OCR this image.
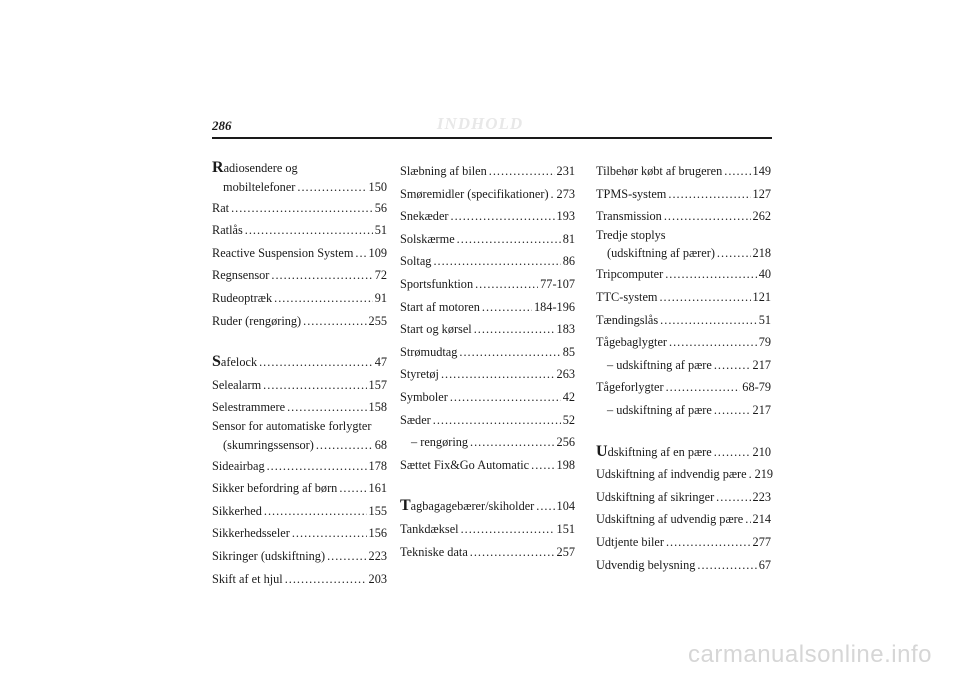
286	INDHOLD
Radiosendere og
mobiltelefoner .....	150
Rat .....	56
Ratlås .....	51
Reactive Suspension System ..... 109
Regnsensor .....	72
Rudeoptræk .....	91
Ruder (rengøring) .....	255
Safelock .....	47
Selealarm .....	157
Selestrammere .....	158
Sensor for automatiske forlygter
(skumringssensor) .....	68
Sideairbag .....	178
Sikker befordring af børn .....	161
Sikkerhed .....	155
Sikkerhedsseler .....	156
Sikringer (udskiftning) .....	223
Skift af et hjul .....	203
Slæbning af bilen .....	231
Smøremidler (specifikationer) ..... 273
Snekæder .....	193
Solskærme .....	81
Soltag .....	86
Sportsfunktion .....	77-107
Start af motoren .....	184-196
Start og kørsel .....	183
Strømudtag .....	85
Styretøj .....	263
Symboler .....	42
Sæder .....	52
– rengøring .....	256
Sættet Fix&Go Automatic ..... 198
Tagbagagebærer/skiholder ..... 104
Tankdæksel .....	151
Tekniske data .....	257
Tilbehør købt af brugeren ..... 149
TPMS-system .....	127
Transmission .....	262
Tredje stoplys
(udskiftning af pærer) .....	218
Tripcomputer .....	40
TTC-system .....	121
Tændingslås .....	51
Tågebaglygter .....	79
– udskiftning af pære .....	217
Tågeforlygter .....	68-79
– udskiftning af pære .....	217
Udskiftning af en pære .....	210
Udskiftning af indvendig pære ..... 219
Udskiftning af sikringer .....	223
Udskiftning af udvendig pære ..... 214
Udtjente biler .....	277
Udvendig belysning .....	67
carmanualsonline.info
